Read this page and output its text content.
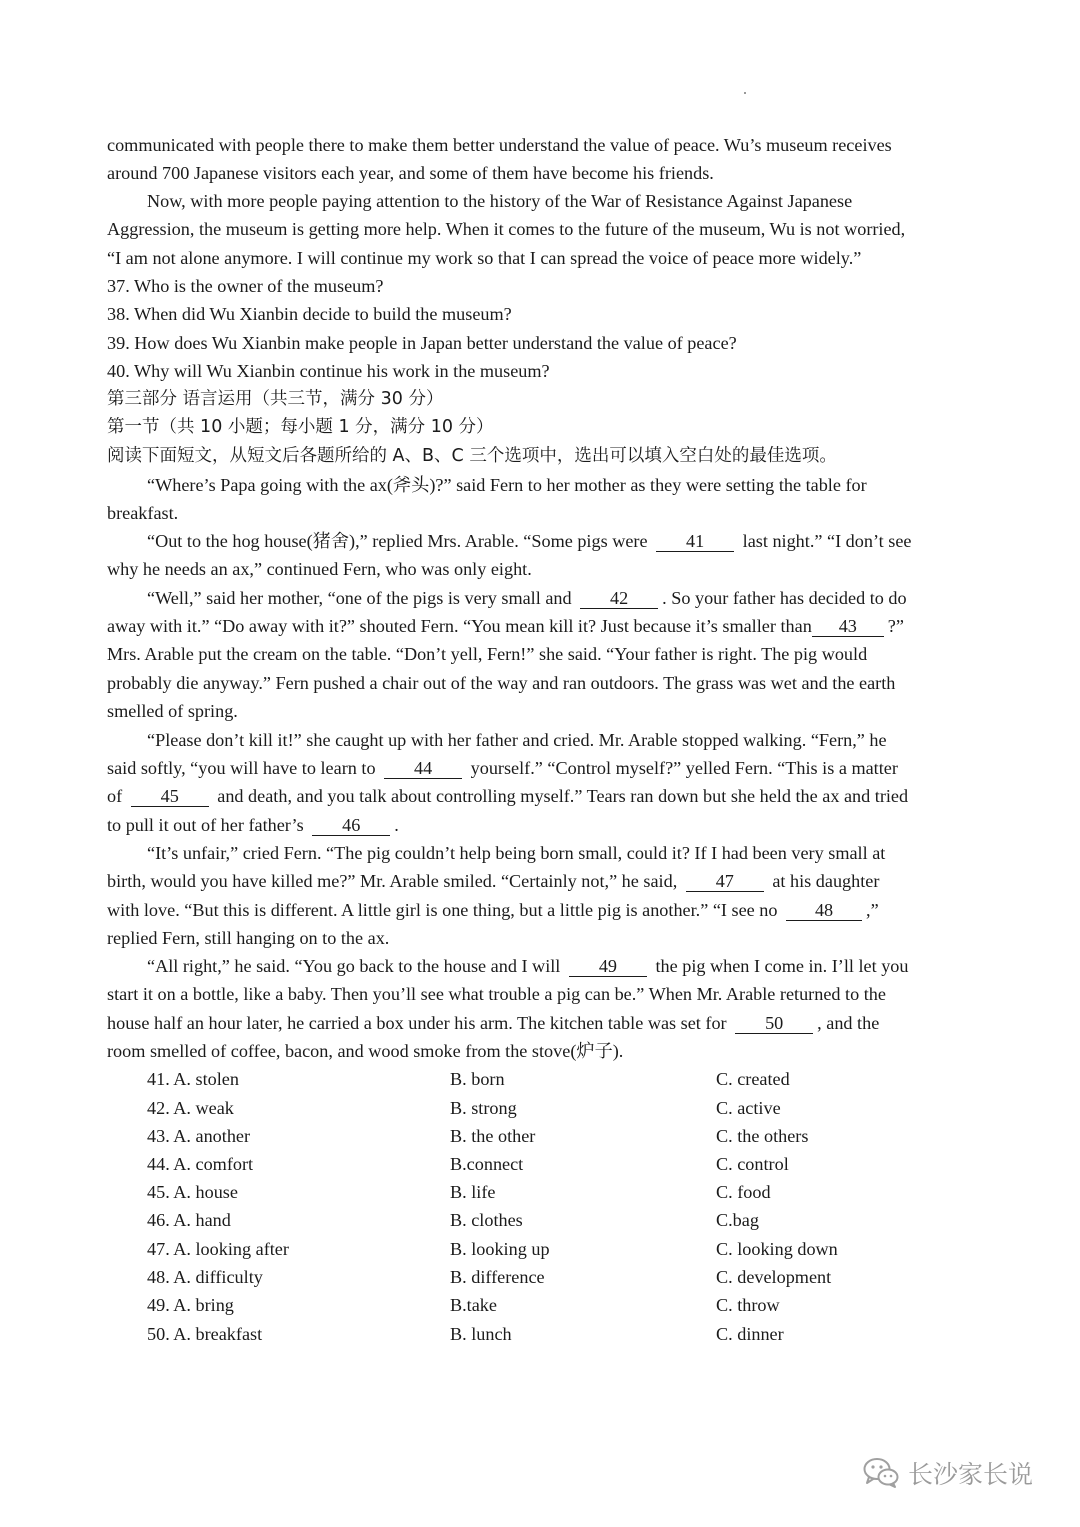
communicated with people there to make them better understand the value of peace. Wu’s museum receives
around 700 Japanese visitors each year, and some of them have become his friends.
Now, with more people paying attention to the history of the War of Resistance Against Japanese
Aggression, the museum is getting more help. When it comes to the future of the museum, Wu is not worried,
“I am not alone anymore. I will continue my work so that I can spread the voice of peace more widely.”
37. Who is the owner of the museum?
38. When did Wu Xianbin decide to build the museum?
39. How does Wu Xianbin make people in Japan better understand the value of peace?
40. Why will Wu Xianbin continue his work in the museum?
第三部分 语言运用（共三节，满分 30 分）
第一节（共 10 小题；每小题 1 分，满分 10 分）
阅读下面短文，从短文后各题所给的 A、B、C 三个选项中，选出可以填入空白处的最佳选项。
“Where’s Papa going with the ax(斧头)?” said Fern to her mother as they were setting the table for
breakfast.
“Out to the hog house(猪舍),” replied Mrs. Arable. “Some pigs were 41 last night.” “I don’t see
why he needs an ax,” continued Fern, who was only eight.
“Well,” said her mother, “one of the pigs is very small and 42 . So your father has decided to do
away with it.” “Do away with it?” shouted Fern. “You mean kill it? Just because it’s smaller than 43 ?”
Mrs. Arable put the cream on the table. “Don’t yell, Fern!” she said. “Your father is right. The pig would
probably die anyway.” Fern pushed a chair out of the way and ran outdoors. The grass was wet and the earth
smelled of spring.
“Please don’t kill it!” she caught up with her father and cried. Mr. Arable stopped walking. “Fern,” he
said softly, “you will have to learn to 44 yourself.” “Control myself?” yelled Fern. “This is a matter
of 45 and death, and you talk about controlling myself.” Tears ran down but she held the ax and tried
to pull it out of her father’s 46 .
“It’s unfair,” cried Fern. “The pig couldn’t help being born small, could it? If I had been very small at
birth, would you have killed me?” Mr. Arable smiled. “Certainly not,” he said, 47 at his daughter
with love. “But this is different. A little girl is one thing, but a little pig is another.” “I see no 48 ,”
replied Fern, still hanging on to the ax.
“All right,” he said. “You go back to the house and I will 49 the pig when I come in. I’ll let you
start it on a bottle, like a baby. Then you’ll see what trouble a pig can be.” When Mr. Arable returned to the
house half an hour later, he carried a box under his arm. The kitchen table was set for 50 , and the
room smelled of coffee, bacon, and wood smoke from the stove(炉子).
41. A. stolen	B. born	C. created
42. A. weak	B. strong	C. active
43. A. another	B. the other	C. the others
44. A. comfort	B.connect	C. control
45. A. house	B. life	C. food
46. A. hand	B. clothes	C.bag
47. A. looking after	B. looking up	C. looking down
48. A. difficulty	B. difference	C. development
49. A. bring	B.take	C. throw
50. A. breakfast	B. lunch	C. dinner
长沙家长说
